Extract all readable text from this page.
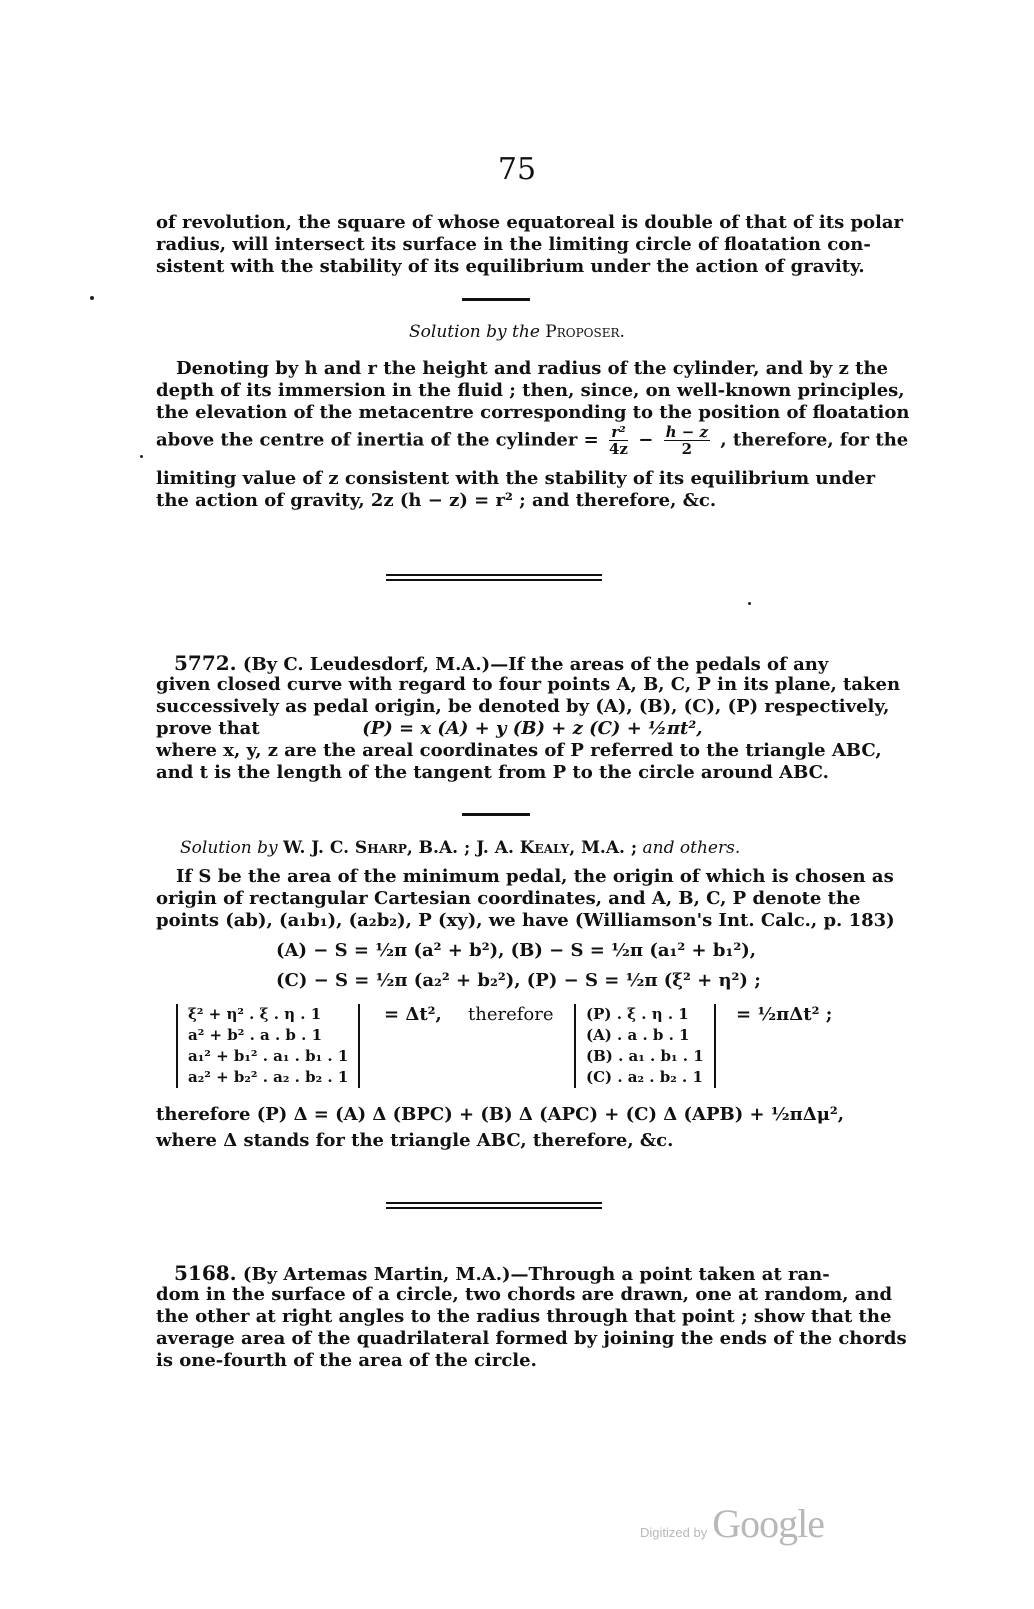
75
of revolution, the square of whose equatoreal is double of that of its polar
radius, will intersect its surface in the limiting circle of floatation con-
sistent with the stability of its equilibrium under the action of gravity.
Solution by the Proposer.
Denoting by h and r the height and radius of the cylinder, and by z the
depth of its immersion in the fluid ; then, since, on well-known principles,
the elevation of the metacentre corresponding to the position of floatation
above the centre of inertia of the cylinder = $\frac{\text{r²}}{4z} - \frac{h - z}{2}$ , therefore, for the
limiting value of z consistent with the stability of its equilibrium under
the action of gravity, 2z (h − z) = r² ; and therefore, &c.
5772. (By C. Leudesdorf, M.A.)—If the areas of the pedals of any
given closed curve with regard to four points A, B, C, P in its plane, taken
successively as pedal origin, be denoted by (A), (B), (C), (P) respectively,
prove that	(P) = x (A) + y (B) + z (C) + ½πt²,
where x, y, z are the areal coordinates of P referred to the triangle ABC,
and t is the length of the tangent from P to the circle around ABC.
Solution by W. J. C. Sharp, B.A. ; J. A. Kealy, M.A. ; and others.
If S be the area of the minimum pedal, the origin of which is chosen as
origin of rectangular Cartesian coordinates, and A, B, C, P denote the
points (ab), (a₁b₁), (a₂b₂), P (xy), we have (Williamson's Int. Calc., p. 183)
(A) − S = ½π (a² + b²), (B) − S = ½π (a₁² + b₁²),
(C) − S = ½π (a₂² + b₂²), (P) − S = ½π (ξ² + η²) ;
ξ² + η² . ξ . η . 1
a² + b² . a . b . 1
a₁² + b₁² . a₁ . b₁ . 1
a₂² + b₂² . a₂ . b₂ . 1
= Δt², therefore (P) . ξ . η . 1
(A) . a . b . 1
(B) . a₁ . b₁ . 1
(C) . a₂ . b₂ . 1
= ½πΔt² ;
therefore (P) Δ = (A) Δ (BPC) + (B) Δ (APC) + (C) Δ (APB) + ½πΔμ²,
where Δ stands for the triangle ABC, therefore, &c.
5168. (By Artemas Martin, M.A.)—Through a point taken at ran-
dom in the surface of a circle, two chords are drawn, one at random, and
the other at right angles to the radius through that point ; show that the
average area of the quadrilateral formed by joining the ends of the chords
is one-fourth of the area of the circle.
Digitized by Google
